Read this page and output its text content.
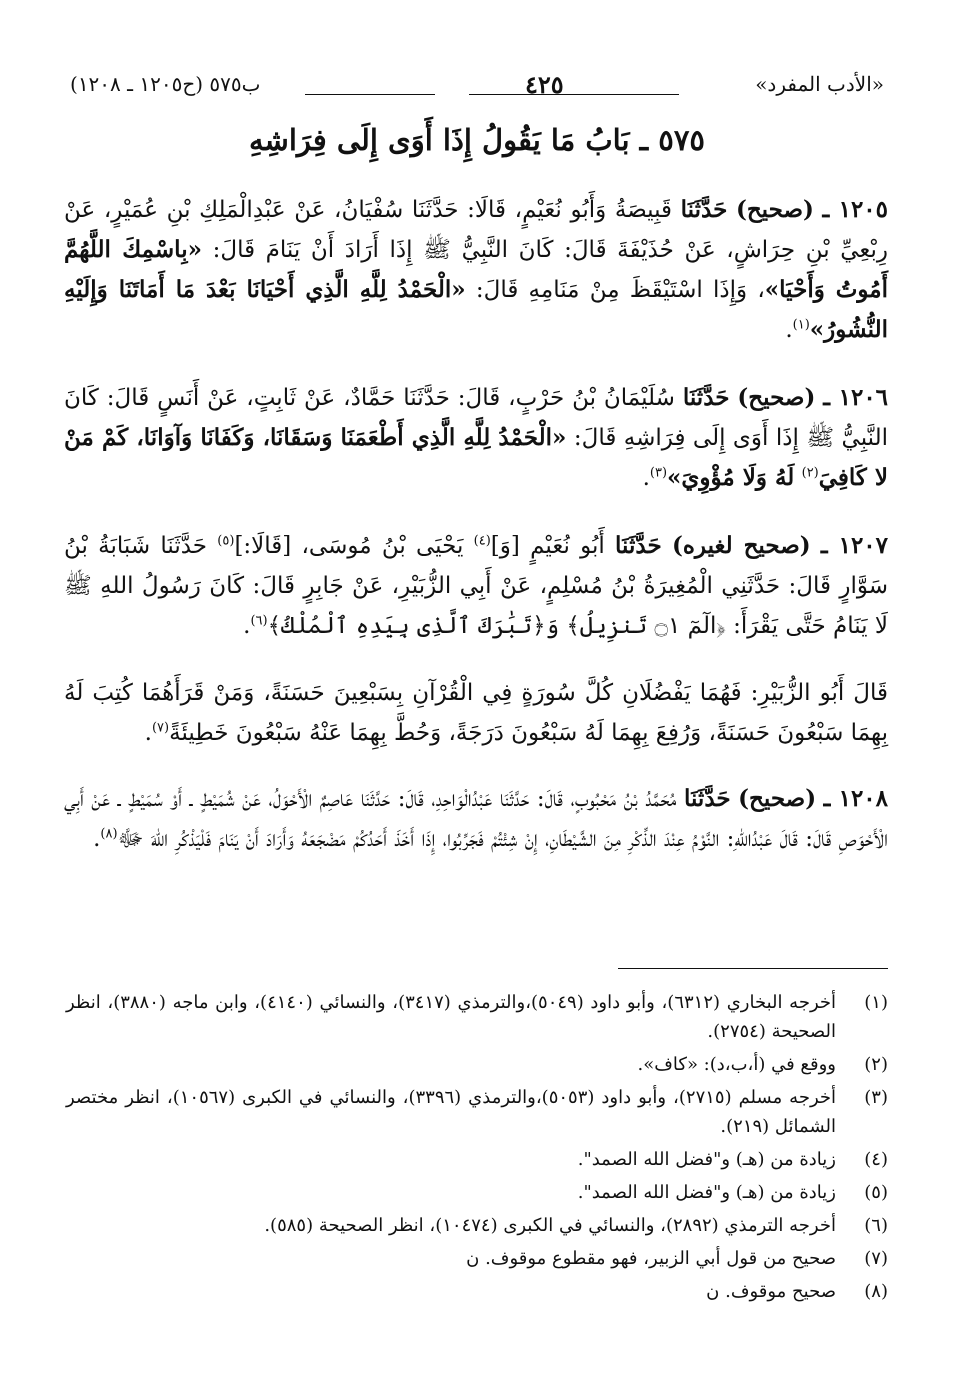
«الأدب المفرد»
٤٢٥
ب٥٧٥ (ح١٢٠٥ ـ ١٢٠٨)
٥٧٥ ـ بَابُ مَا يَقُولُ إِذَا أَوَى إِلَى فِرَاشِهِ

١٢٠٥ ـ (صحيح) حَدَّثَنَا قَبِيصَةُ وَأَبُو نُعَيْمٍ، قَالَا: حَدَّثَنَا سُفْيَانُ، عَنْ عَبْدِالْمَلِكِ بْنِ عُمَيْرٍ، عَنْ رِبْعِيِّ بْنِ حِرَاشٍ، عَنْ حُذَيْفَةَ قَالَ: كَانَ النَّبِيُّ ﷺ إِذَا أَرَادَ أَنْ يَنَامَ قَالَ: «بِاسْمِكَ اللَّهُمَّ أَمُوتُ وَأَحْيَا»، وَإِذَا اسْتَيْقَظَ مِنْ مَنَامِهِ قَالَ: «الْحَمْدُ لِلَّهِ الَّذِي أَحْيَانَا بَعْدَ مَا أَمَاتَنَا وَإِلَيْهِ النُّشُورُ»$^{(١)}$.

١٢٠٦ ـ (صحيح) حَدَّثَنَا سُلَيْمَانُ بْنُ حَرْبٍ، قَالَ: حَدَّثَنَا حَمَّادٌ، عَنْ ثَابِتٍ، عَنْ أَنَسٍ قَالَ: كَانَ النَّبِيُّ ﷺ إِذَا أَوَى إِلَى فِرَاشِهِ قَالَ: «الْحَمْدُ لِلَّهِ الَّذِي أَطْعَمَنَا وَسَقَانَا، وَكَفَانَا وَآوَانَا، كَمْ مَنْ لا كَافِيَ$^{(٢)}$ لَهُ وَلَا مُؤْوِيَ»$^{(٣)}$.

١٢٠٧ ـ (صحيح لغيره) حَدَّثَنَا أَبُو نُعَيْمٍ [وَ]$^{(٤)}$ يَحْيَى بْنُ مُوسَى، [قَالَا:]$^{(٥)}$ حَدَّثَنَا شَبَابَةُ بْنُ سَوَّارٍ قَالَ: حَدَّثَنِي الْمُغِيرَةُ بْنُ مُسْلِمٍ، عَنْ أَبِي الزُّبَيْرِ، عَنْ جَابِرٍ قَالَ: كَانَ رَسُولُ اللهِ ﷺ لَا يَنَامُ حَتَّى يَقْرَأَ: ﴿الٓمٓ ۝١ تَنزِيلُ﴾ وَ﴿تَبَٰرَكَ ٱلَّذِى بِيَدِهِ ٱلْمُلْكُ﴾$^{(٦)}$.

قَالَ أَبُو الزُّبَيْرِ: فَهُمَا يَفْضُلَانِ كُلَّ سُورَةٍ فِي الْقُرْآنِ بِسَبْعِينَ حَسَنَةً، وَمَنْ قَرَأَهُمَا كُتِبَ لَهُ بِهِمَا سَبْعُونَ حَسَنَةً، وَرُفِعَ بِهِمَا لَهُ سَبْعُونَ دَرَجَةً، وَحُطَّ بِهِمَا عَنْهُ سَبْعُونَ خَطِيئَةً$^{(٧)}$.

١٢٠٨ ـ (صحيح) حَدَّثَنَا مُحَمَّدُ بْنُ مَحْبُوبٍ، قَالَ: حَدَّثَنَا عَبْدُالْوَاحِدِ، قَالَ: حَدَّثَنَا عَاصِمٌ الْأَحْوَلُ، عَنْ شُمَيْطٍ ـ أَوْ سُمَيْطٍ ـ عَنْ أَبِي الْأَحْوَصِ قَالَ: قَالَ عَبْدُاللهِ: النَّوْمُ عِنْدَ الذِّكْرِ مِنَ الشَّيْطَانِ، إِنْ شِئْتُمْ فَجَرِّبُوا، إِذَا أَخَذَ أَحَدُكُمْ مَضْجَعَهُ وَأَرَادَ أَنْ يَنَامَ فَلْيَذْكُرِ اللهَ ﷻ$^{(٨)}$.

(١)
أخرجه البخاري (٦٣١٢)، وأبو داود (٥٠٤٩)،والترمذي (٣٤١٧)، والنسائي (٤١٤٠)، وابن ماجه (٣٨٨٠)، انظر الصحيحة (٢٧٥٤).
(٢)
ووقع في (أ،ب،د): «كاف».
(٣)
أخرجه مسلم (٢٧١٥)، وأبو داود (٥٠٥٣)،والترمذي (٣٣٩٦)، والنسائي في الكبرى (١٠٥٦٧)، انظر مختصر الشمائل (٢١٩).
(٤)
زيادة من (هـ) و"فضل الله الصمد".
(٥)
زيادة من (هـ) و"فضل الله الصمد".
(٦)
أخرجه الترمذي (٢٨٩٢)، والنسائي في الكبرى (١٠٤٧٤)، انظر الصحيحة (٥٨٥).
(٧)
صحيح من قول أبي الزبير، فهو مقطوع موقوف. ن
(٨)
صحيح موقوف. ن
